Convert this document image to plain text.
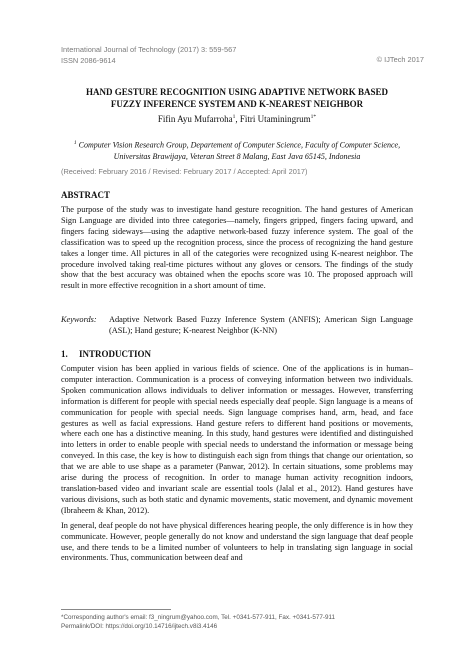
International Journal of Technology (2017) 3: 559-567
ISSN 2086-9614	© IJTech 2017
HAND GESTURE RECOGNITION USING ADAPTIVE NETWORK BASED
FUZZY INFERENCE SYSTEM AND K-NEAREST NEIGHBOR
Fifin Ayu Mufarroha$^1$, Fitri Utaminingrum$^{1*}$
$^1$ Computer Vision Research Group, Departement of Computer Science, Faculty of Computer Science,
Universitas Brawijaya, Veteran Street 8 Malang, East Java 65145, Indonesia
(Received: February 2016 / Revised: February 2017 / Accepted: April 2017)
ABSTRACT

The purpose of the study was to investigate hand gesture recognition. The hand gestures of American Sign Language are divided into three categories—namely, fingers gripped, fingers facing upward, and fingers facing sideways—using the adaptive network-based fuzzy inference system. The goal of the classification was to speed up the recognition process, since the process of recognizing the hand gesture takes a longer time. All pictures in all of the categories were recognized using K-nearest neighbor. The procedure involved taking real-time pictures without any gloves or censors. The findings of the study show that the best accuracy was obtained when the epochs score was 10. The proposed approach will result in more effective recognition in a short amount of time.

Keywords:	Adaptive Network Based Fuzzy Inference System (ANFIS); American Sign Language (ASL); Hand gesture; K-nearest Neighbor (K-NN)
1. INTRODUCTION

Computer vision has been applied in various fields of science. One of the applications is in human–computer interaction. Communication is a process of conveying information between two individuals. Spoken communication allows individuals to deliver information or messages. However, transferring information is different for people with special needs especially deaf people. Sign language is a means of communication for people with special needs. Sign language comprises hand, arm, head, and face gestures as well as facial expressions. Hand gesture refers to different hand positions or movements, where each one has a distinctive meaning. In this study, hand gestures were identified and distinguished into letters in order to enable people with special needs to understand the information or message being conveyed. In this case, the key is how to distinguish each sign from things that change our orientation, so that we are able to use shape as a parameter (Panwar, 2012). In certain situations, some problems may arise during the process of recognition. In order to manage human activity recognition indoors, translation-based video and invariant scale are essential tools (Jalal et al., 2012). Hand gestures have various divisions, such as both static and dynamic movements, static movement, and dynamic movement (Ibraheem & Khan, 2012).

In general, deaf people do not have physical differences hearing people, the only difference is in how they communicate. However, people generally do not know and understand the sign language that deaf people use, and there tends to be a limited number of volunteers to help in translating sign language in social environments. Thus, communication between deaf and

*Corresponding author's email: f3_ningrum@yahoo.com, Tel. +0341-577-911, Fax. +0341-577-911
Permalink/DOI: https://doi.org/10.14716/ijtech.v8i3.4146
